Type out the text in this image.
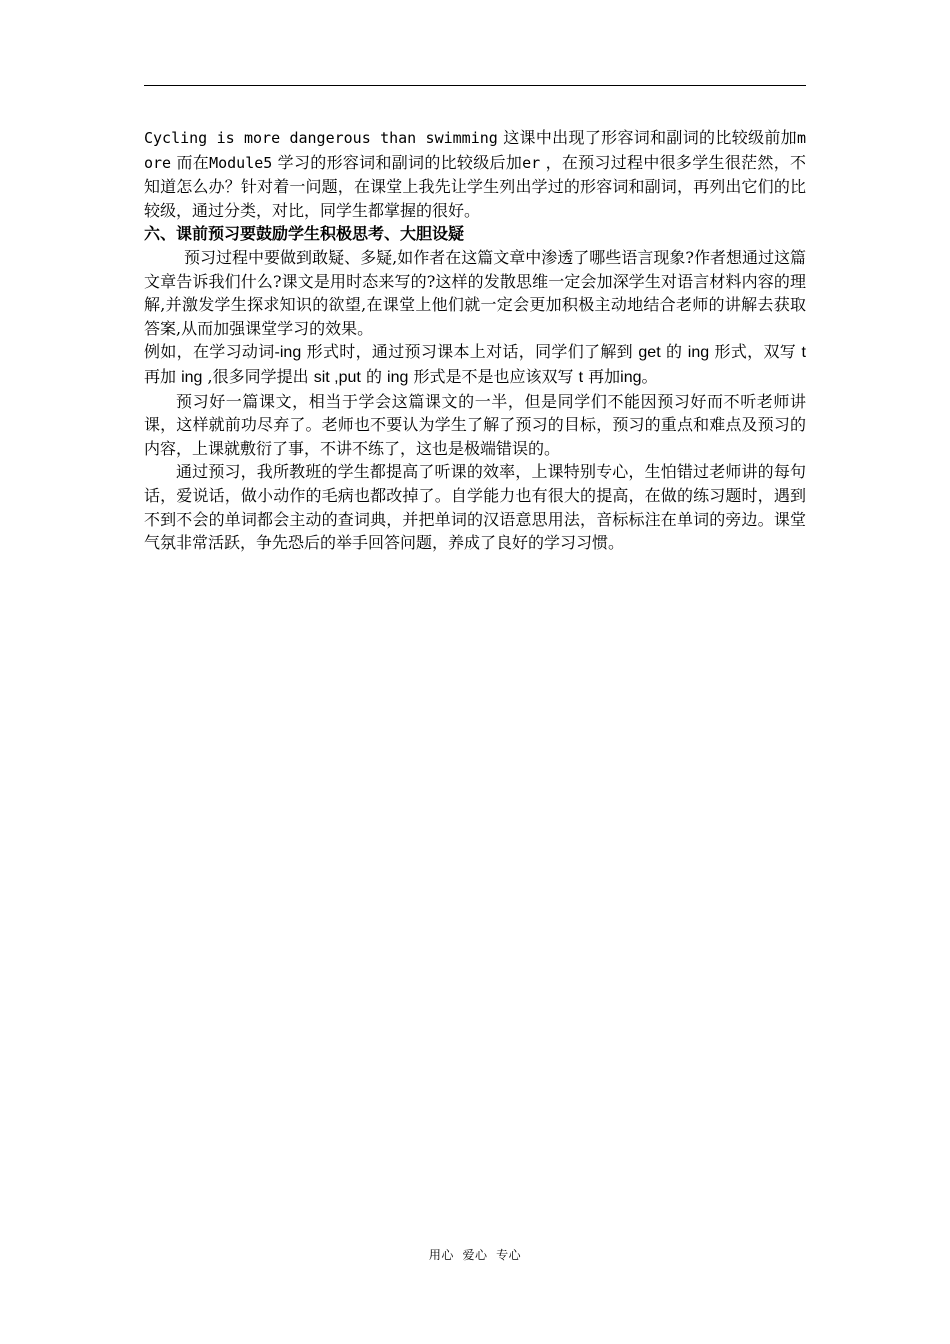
Cycling is more dangerous than swimming 这课中出现了形容词和副词的比较级前加more 而在Module5 学习的形容词和副词的比较级后加er ，在预习过程中很多学生很茫然，不知道怎么办？针对着一问题，在课堂上我先让学生列出学过的形容词和副词，再列出它们的比较级，通过分类，对比，同学生都掌握的很好。

六、课前预习要鼓励学生积极思考、大胆设疑

预习过程中要做到敢疑、多疑,如作者在这篇文章中渗透了哪些语言现象?作者想通过这篇文章告诉我们什么?课文是用时态来写的?这样的发散思维一定会加深学生对语言材料内容的理解,并激发学生探求知识的欲望,在课堂上他们就一定会更加积极主动地结合老师的讲解去获取答案,从而加强课堂学习的效果。

例如，在学习动词-ing 形式时，通过预习课本上对话，同学们了解到 get 的 ing 形式，双写 t 再加 ing ,很多同学提出 sit ,put 的 ing 形式是不是也应该双写 t 再加ing。

预习好一篇课文，相当于学会这篇课文的一半，但是同学们不能因预习好而不听老师讲课，这样就前功尽弃了。老师也不要认为学生了解了预习的目标，预习的重点和难点及预习的内容，上课就敷衍了事，不讲不练了，这也是极端错误的。

通过预习，我所教班的学生都提高了听课的效率，上课特别专心，生怕错过老师讲的每句话，爱说话，做小动作的毛病也都改掉了。自学能力也有很大的提高，在做的练习题时，遇到不到不会的单词都会主动的查词典，并把单词的汉语意思用法，音标标注在单词的旁边。课堂气氛非常活跃，争先恐后的举手回答问题，养成了良好的学习习惯。

用心  爱心  专心
